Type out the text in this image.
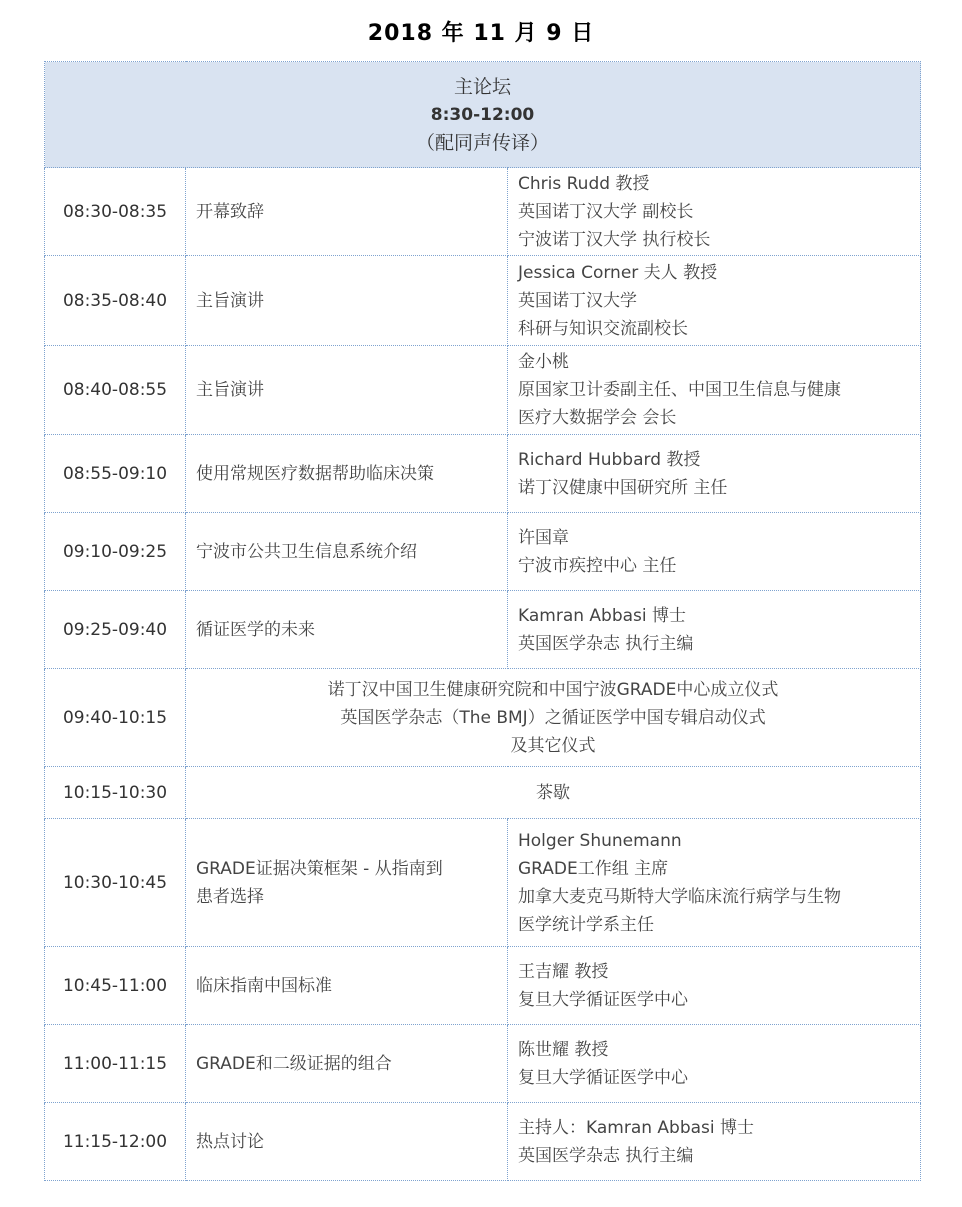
2018 年 11 月 9 日
主论坛
8:30-12:00
（配同声传译）		

08:30-08:35	开幕致辞	Chris Rudd 教授
英国诺丁汉大学 副校长
宁波诺丁汉大学 执行校长

08:35-08:40	主旨演讲	Jessica Corner 夫人 教授
英国诺丁汉大学
科研与知识交流副校长

08:40-08:55	主旨演讲	金小桃
原国家卫计委副主任、中国卫生信息与健康
医疗大数据学会 会长

08:55-09:10	使用常规医疗数据帮助临床决策	Richard Hubbard 教授
诺丁汉健康中国研究所 主任

09:10-09:25	宁波市公共卫生信息系统介绍	许国章
宁波市疾控中心 主任

09:25-09:40	循证医学的未来	Kamran Abbasi 博士
英国医学杂志 执行主编

09:40-10:15	诺丁汉中国卫生健康研究院和中国宁波GRADE中心成立仪式
英国医学杂志（The BMJ）之循证医学中国专辑启动仪式
及其它仪式	

10:15-10:30	茶歇	

10:30-10:45	GRADE证据决策框架 - 从指南到
患者选择	Holger Shunemann
GRADE工作组 主席
加拿大麦克马斯特大学临床流行病学与生物
医学统计学系主任

10:45-11:00	临床指南中国标准	王吉耀 教授
复旦大学循证医学中心

11:00-11:15	GRADE和二级证据的组合	陈世耀 教授
复旦大学循证医学中心

11:15-12:00	热点讨论	主持人：Kamran Abbasi 博士
英国医学杂志 执行主编
